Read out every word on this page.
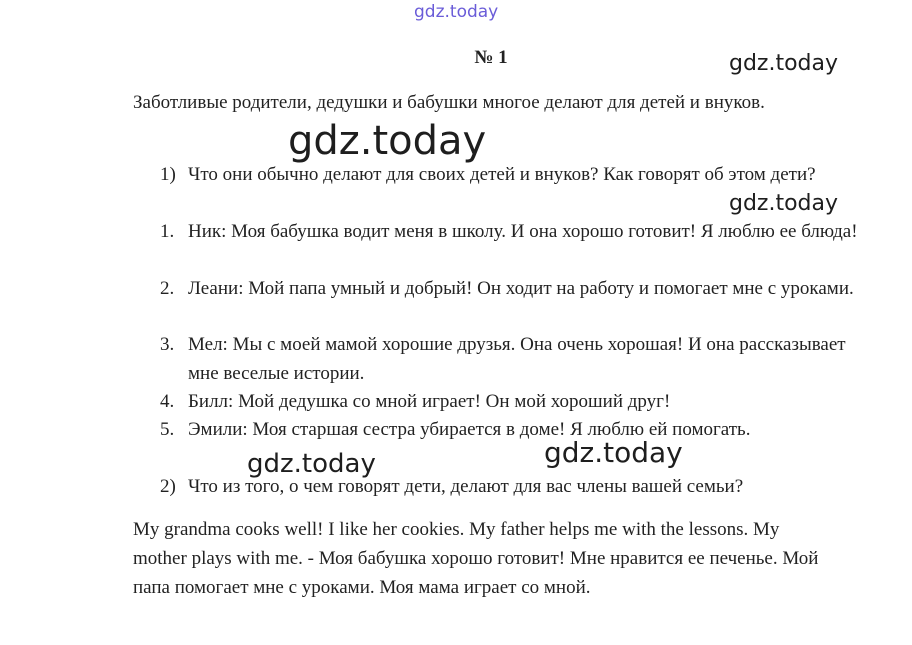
gdz.today
№ 1	gdz.today
Заботливые родители, дедушки и бабушки многое делают для детей и внуков.
gdz.today
1) Что они обычно делают для своих детей и внуков? Как говорят об этом дети?
gdz.today
1. Ник: Моя бабушка водит меня в школу. И она хорошо готовит! Я люблю ее блюда!
2. Леани: Мой папа умный и добрый! Он ходит на работу и помогает мне с уроками.
3. Мел: Мы с моей мамой хорошие друзья. Она очень хорошая! И она рассказывает мне веселые истории.
4. Билл: Мой дедушка со мной играет! Он мой хороший друг!
5. Эмили: Моя старшая сестра убирается в доме! Я люблю ей помогать.
gdz.today	gdz.today
2) Что из того, о чем говорят дети, делают для вас члены вашей семьи?
My grandma cooks well! I like her cookies. My father helps me with the lessons. My mother plays with me. - Моя бабушка хорошо готовит! Мне нравится ее печенье. Мой папа помогает мне с уроками. Моя мама играет со мной.
